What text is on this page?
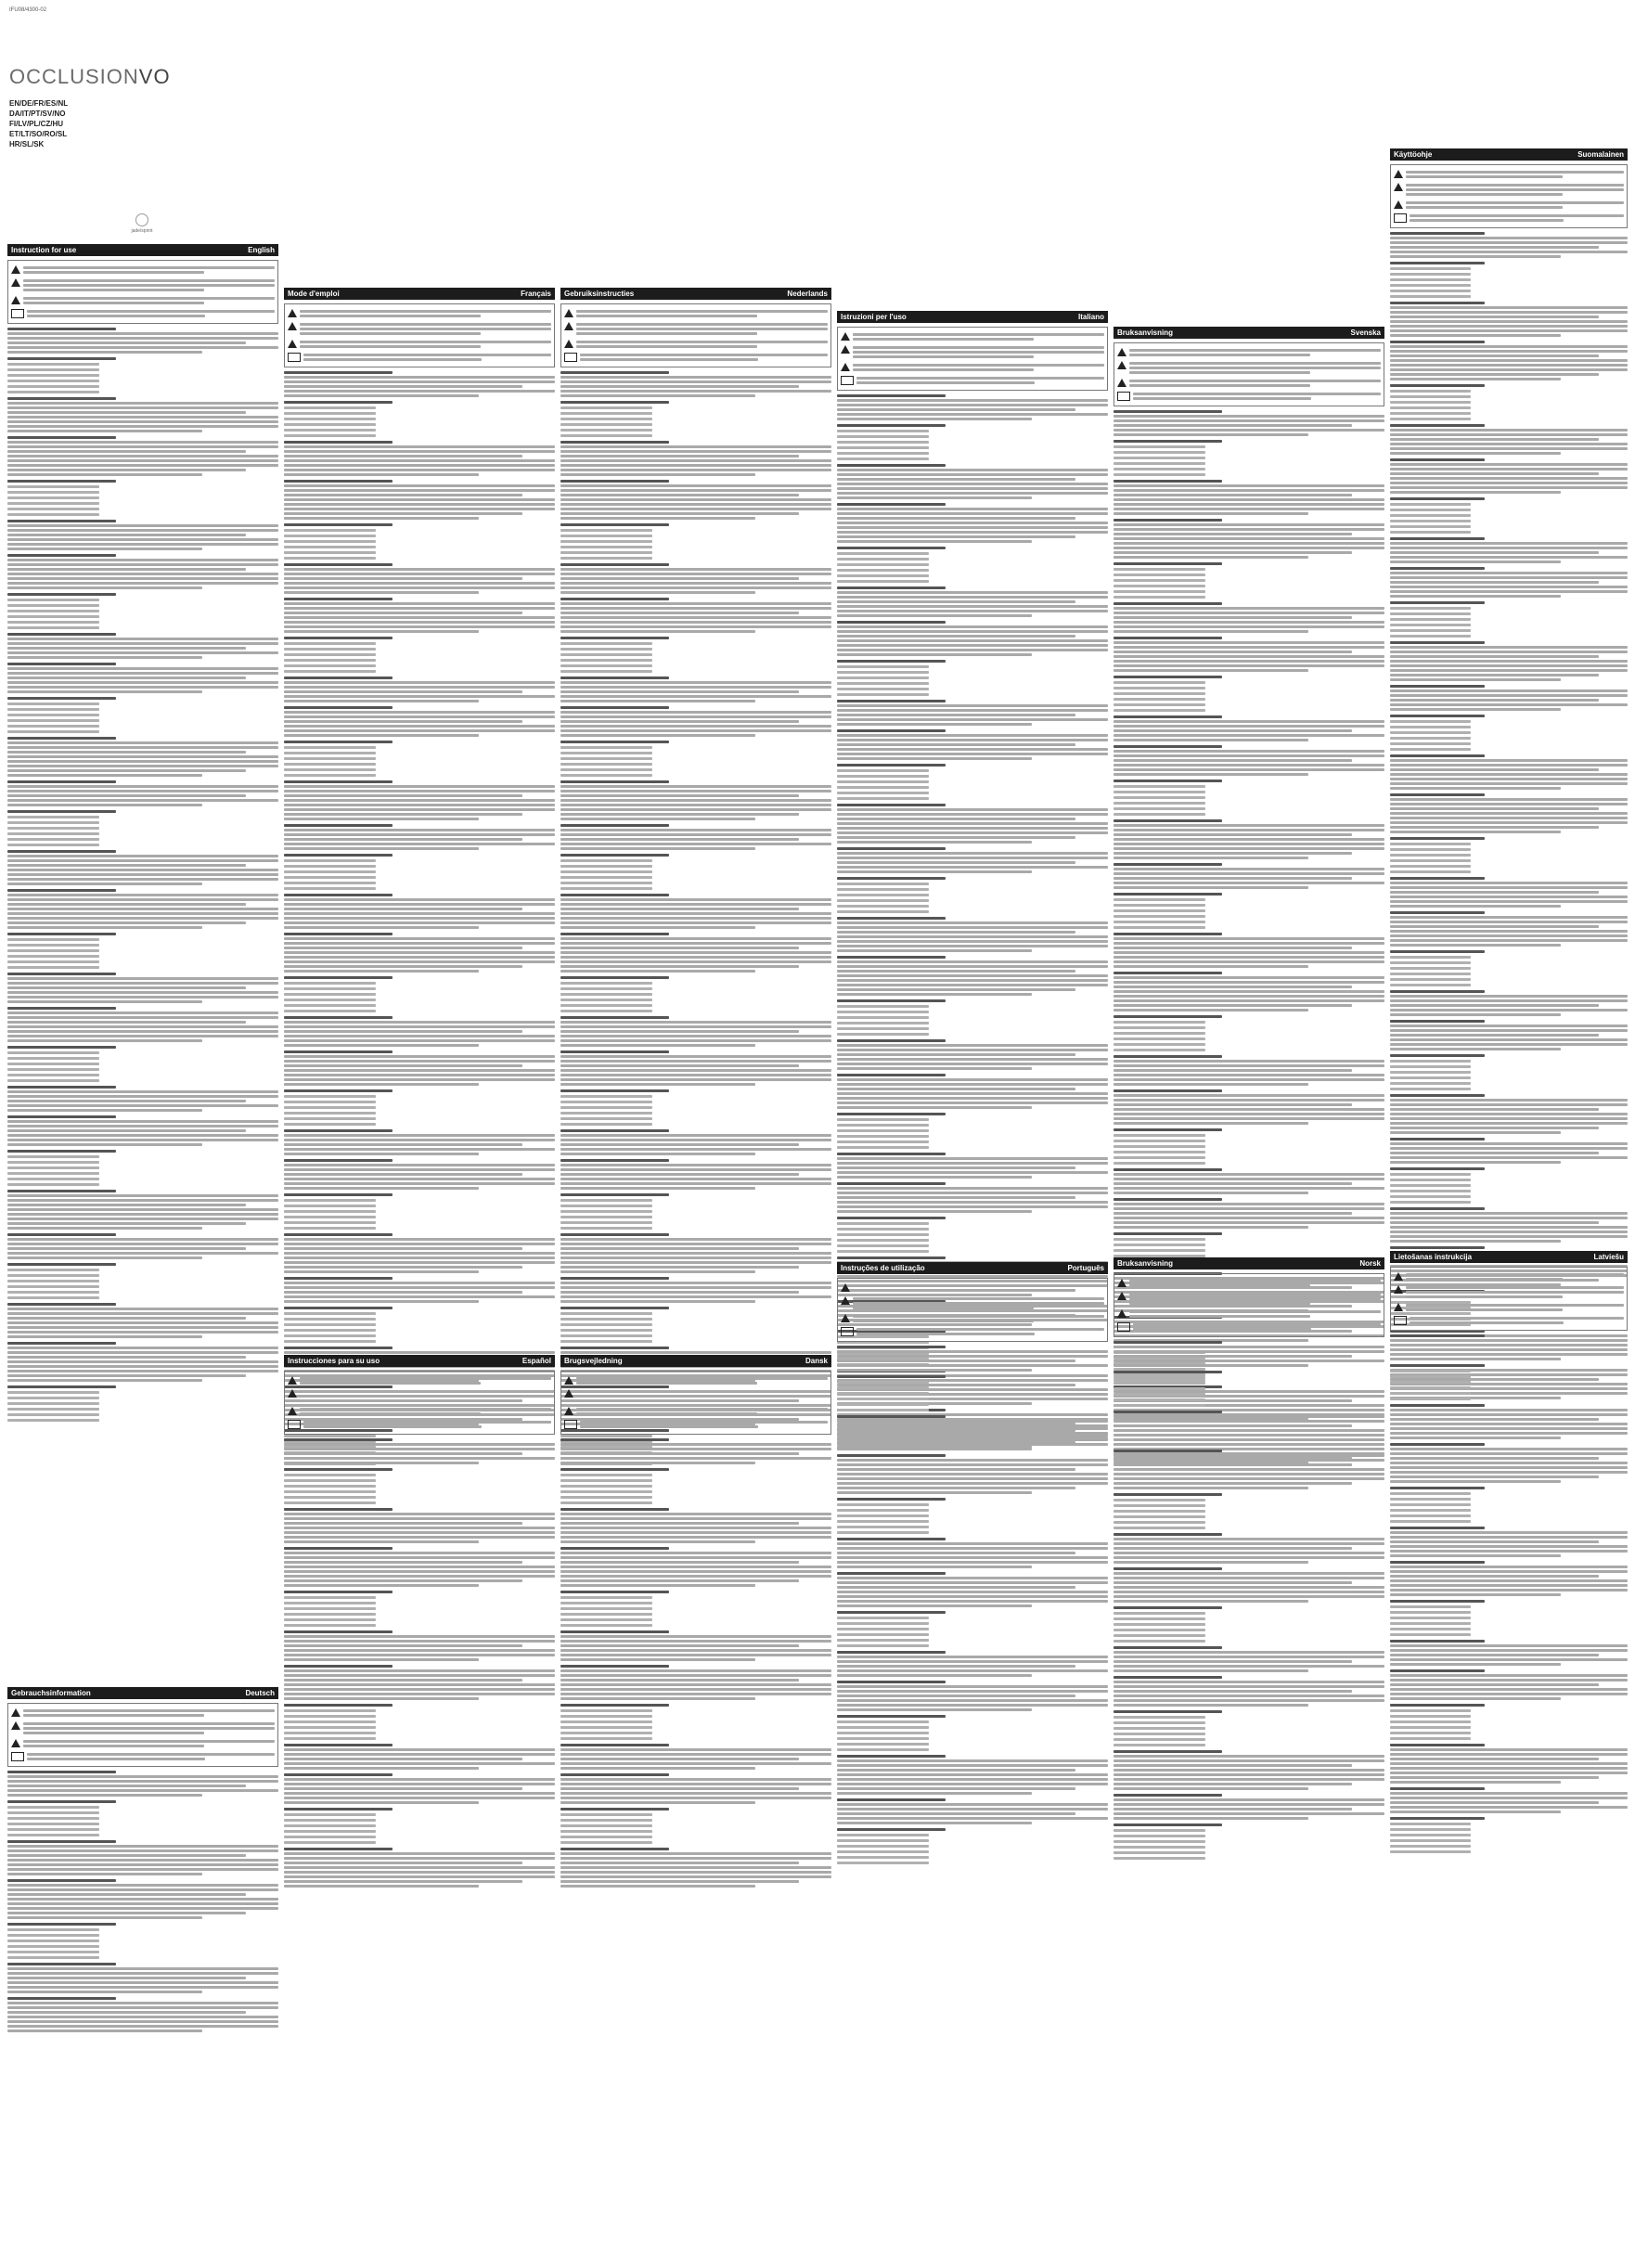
IFU08/4300-02
OCCLUSIONVO
EN/DE/FR/ES/NL
DA/IT/PT/SV/NO
FI/LV/PL/CZ/HU
ET/LT/SO/RO/SL
HR/SL/SK
jade/sprint
Instruction for use	English
Gebrauchsinformation	Deutsch
Mode d'emploi	Français
Instrucciones para su uso	Español
Gebruiksinstructies	Nederlands
Brugsvejledning	Dansk
Istruzioni per l'uso	Italiano
Instruções de utilização	Português
Bruksanvisning	Svenska
Bruksanvisning	Norsk
Käyttöohje	Suomalainen
Lietošanas instrukcija	Latviešu
